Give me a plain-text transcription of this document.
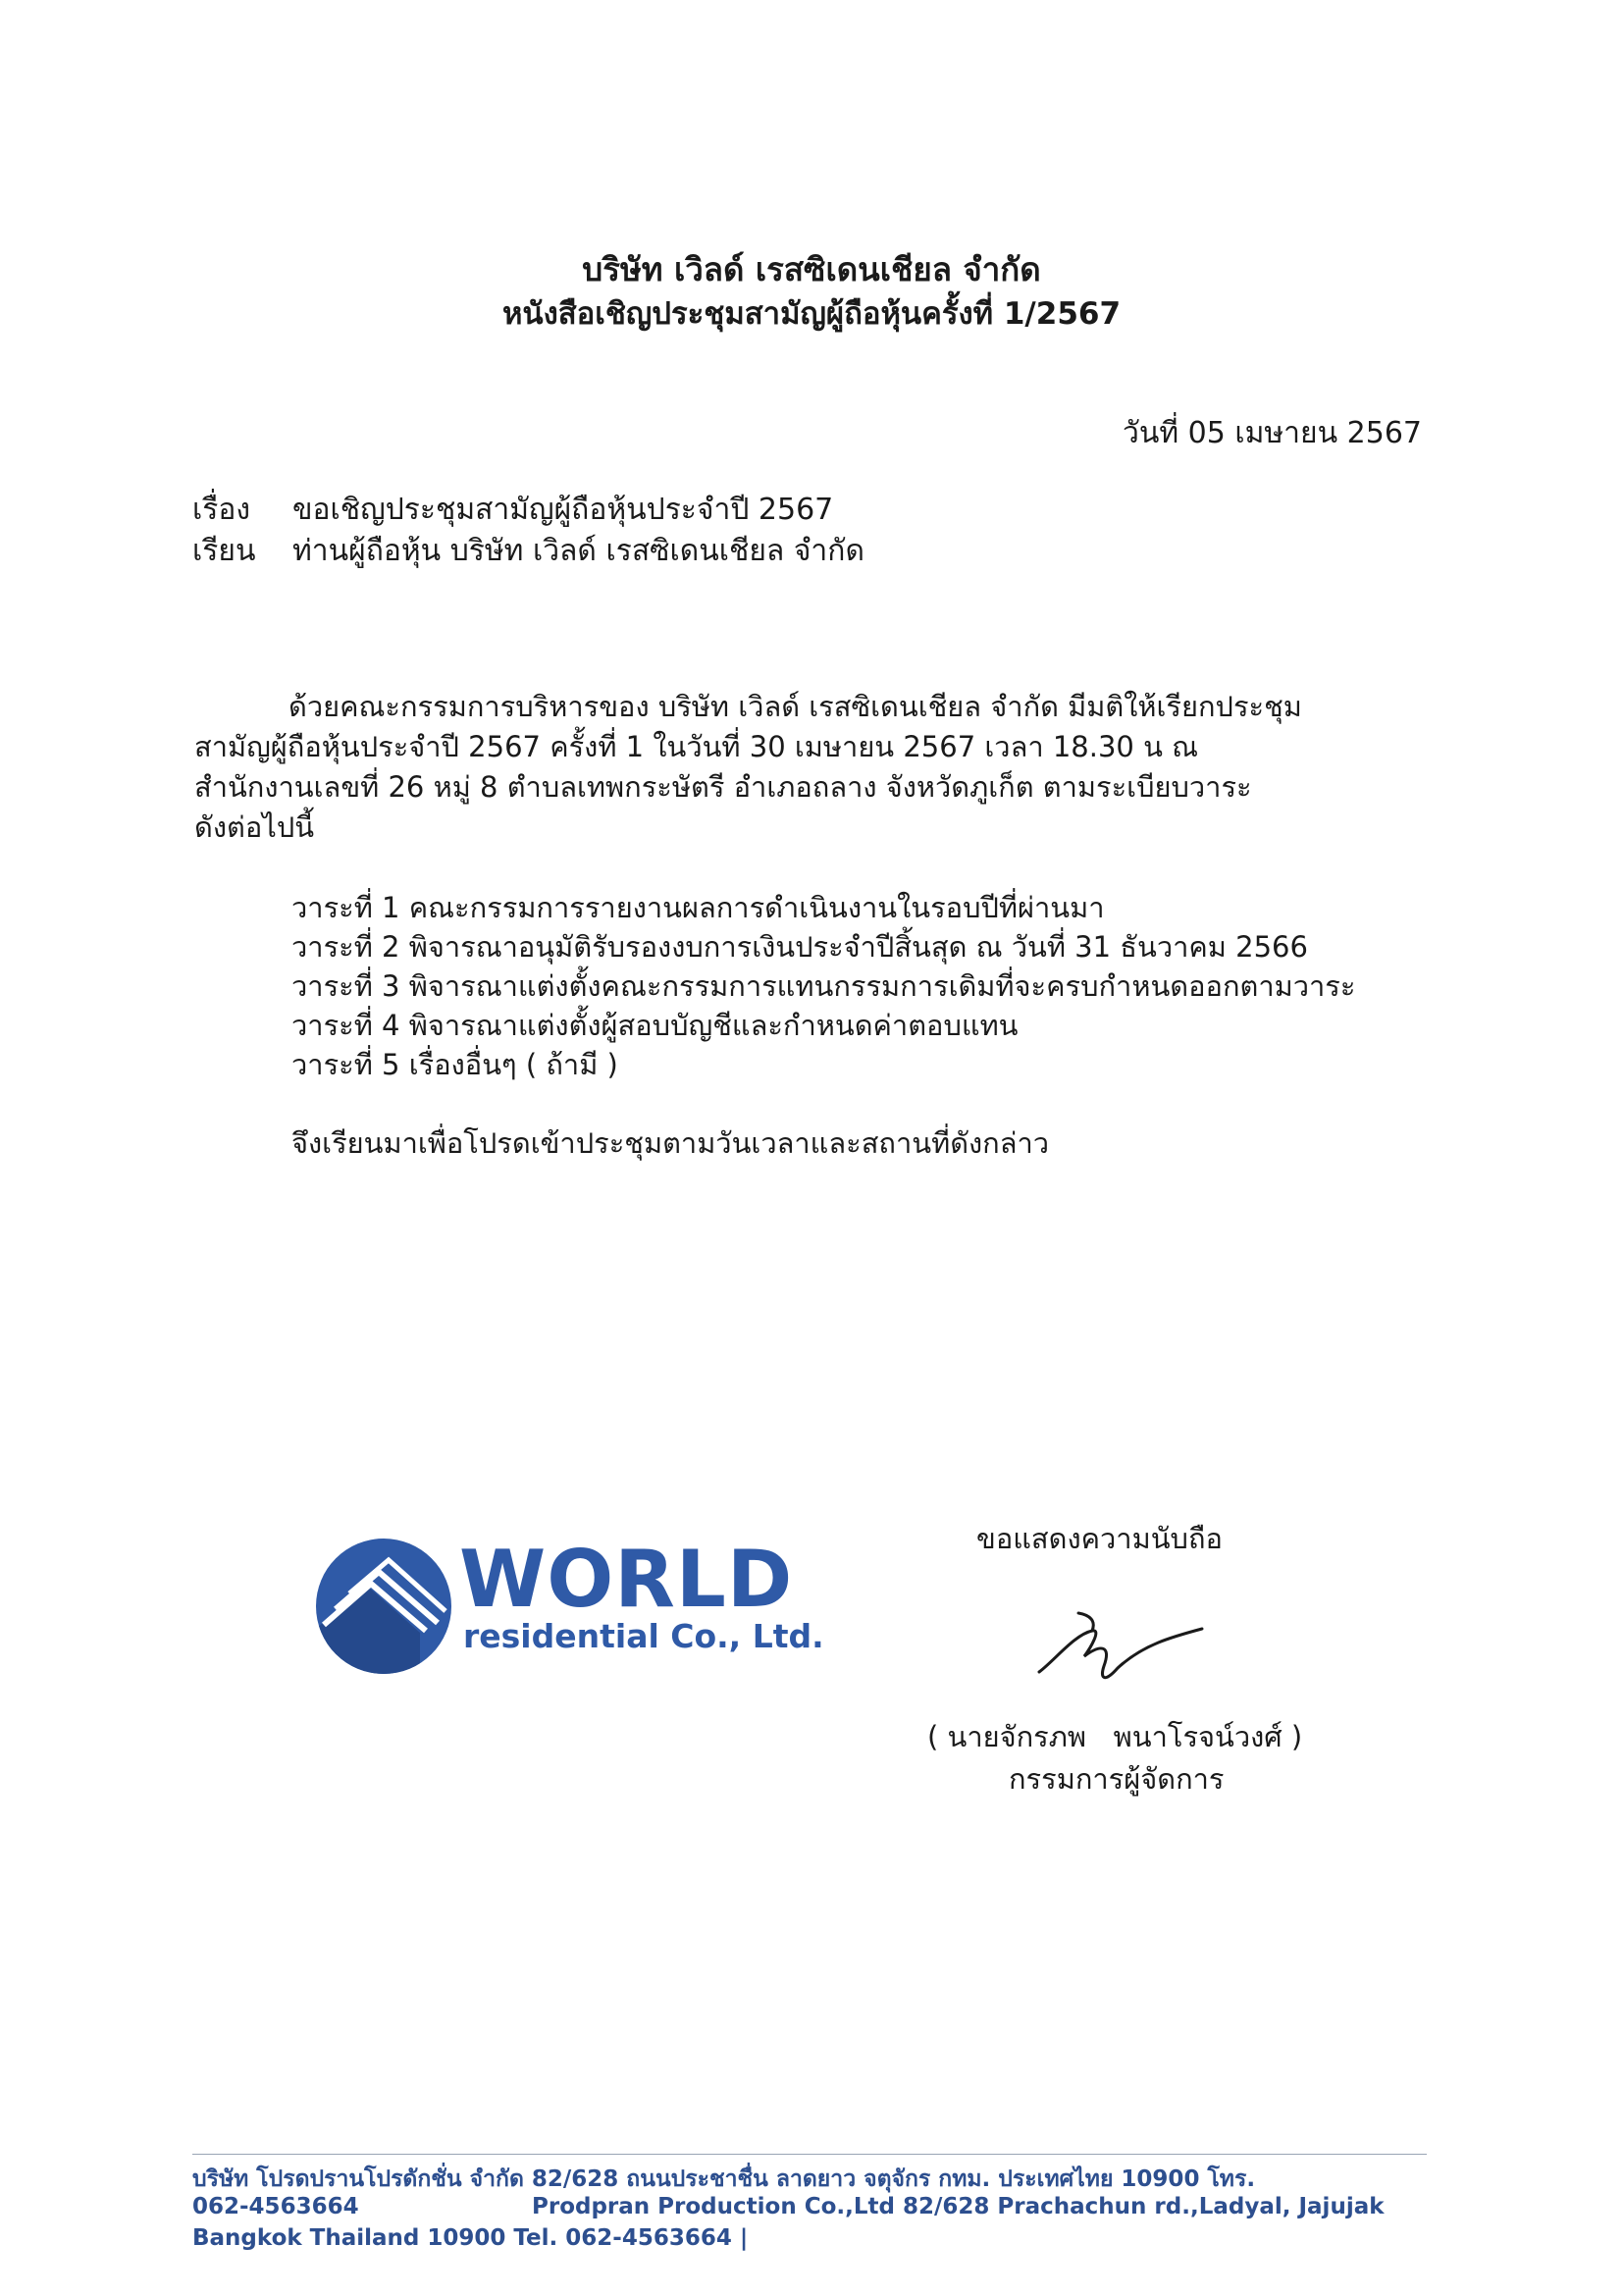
บริษัท เวิลด์ เรสซิเดนเชียล จำกัด
หนังสือเชิญประชุมสามัญผู้ถือหุ้นครั้งที่ 1/2567
วันที่ 05 เมษายน 2567
เรื่อง ขอเชิญประชุมสามัญผู้ถือหุ้นประจำปี 2567
เรียน ท่านผู้ถือหุ้น บริษัท เวิลด์ เรสซิเดนเชียล จำกัด
ด้วยคณะกรรมการบริหารของ บริษัท เวิลด์ เรสซิเดนเชียล จำกัด มีมติให้เรียกประชุม
สามัญผู้ถือหุ้นประจำปี 2567 ครั้งที่ 1 ในวันที่ 30 เมษายน 2567 เวลา 18.30 น ณ
สำนักงานเลขที่ 26 หมู่ 8 ตำบลเทพกระษัตรี อำเภอถลาง จังหวัดภูเก็ต ตามระเบียบวาระ
ดังต่อไปนี้
วาระที่ 1 คณะกรรมการรายงานผลการดำเนินงานในรอบปีที่ผ่านมา
วาระที่ 2 พิจารณาอนุมัติรับรองงบการเงินประจำปีสิ้นสุด ณ วันที่ 31 ธันวาคม 2566
วาระที่ 3 พิจารณาแต่งตั้งคณะกรรมการแทนกรรมการเดิมที่จะครบกำหนดออกตามวาระ
วาระที่ 4 พิจารณาแต่งตั้งผู้สอบบัญชีและกำหนดค่าตอบแทน
วาระที่ 5 เรื่องอื่นๆ ( ถ้ามี )
จึงเรียนมาเพื่อโปรดเข้าประชุมตามวันเวลาและสถานที่ดังกล่าว
WORLD
residential Co., Ltd.
ขอแสดงความนับถือ
( นายจักรภพ   พนาโรจน์วงศ์ )
กรรมการผู้จัดการ
บริษัท โปรดปรานโปรดักชั่น จำกัด 82/628 ถนนประชาชื่น ลาดยาว จตุจักร กทม. ประเทศไทย 10900 โทร.
062-4563664	Prodpran Production Co.,Ltd 82/628 Prachachun rd.,Ladyal, Jajujak
Bangkok Thailand 10900 Tel. 062-4563664 |
